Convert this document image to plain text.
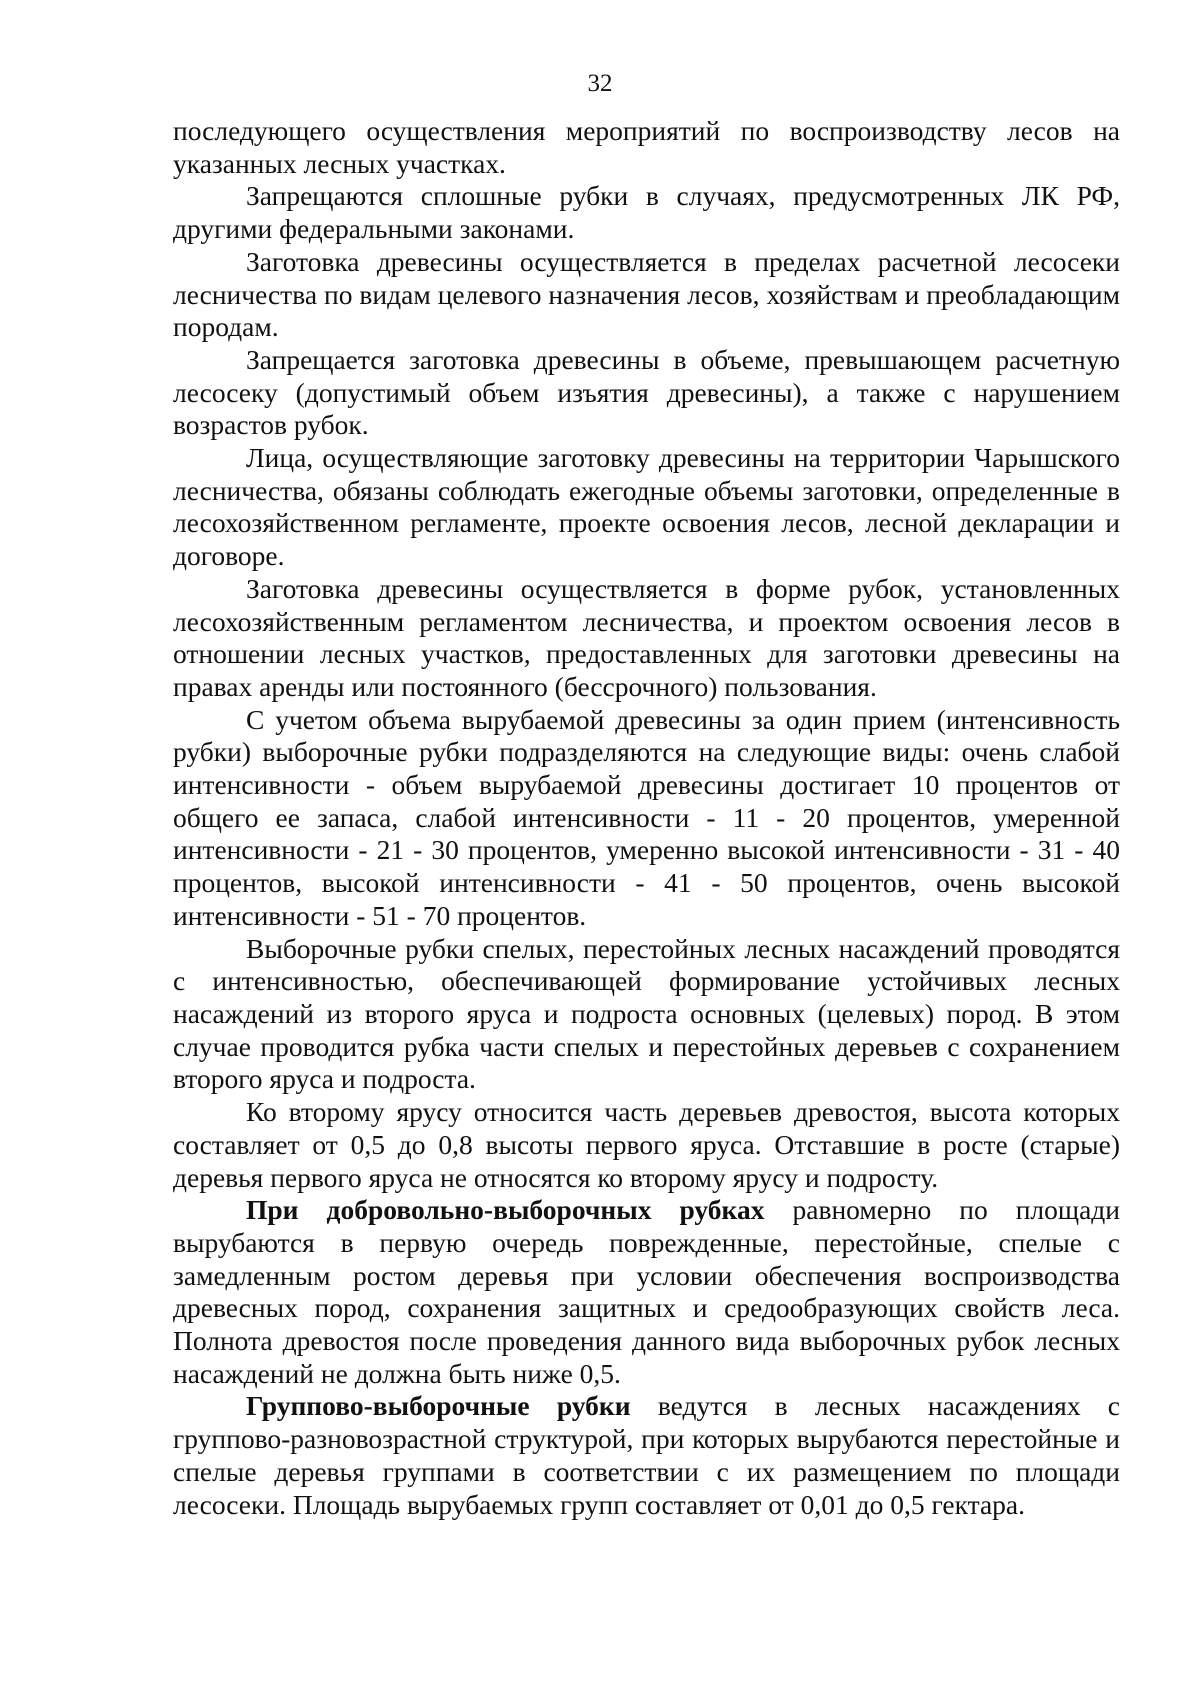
32

последующего осуществления мероприятий по воспроизводству лесов на указанных лесных участках.

Запрещаются сплошные рубки в случаях, предусмотренных ЛК РФ, другими федеральными законами.

Заготовка древесины осуществляется в пределах расчетной лесосеки лесничества по видам целевого назначения лесов, хозяйствам и преобладающим породам.

Запрещается заготовка древесины в объеме, превышающем расчетную лесосеку (допустимый объем изъятия древесины), а также с нарушением возрастов рубок.

Лица, осуществляющие заготовку древесины на территории Чарышского лесничества, обязаны соблюдать ежегодные объемы заготовки, определенные в лесохозяйственном регламенте, проекте освоения лесов, лесной декларации и договоре.

Заготовка древесины осуществляется в форме рубок, установленных лесохозяйственным регламентом лесничества, и проектом освоения лесов в отношении лесных участков, предоставленных для заготовки древесины на правах аренды или постоянного (бессрочного) пользования.

С учетом объема вырубаемой древесины за один прием (интенсивность рубки) выборочные рубки подразделяются на следующие виды: очень слабой интенсивности - объем вырубаемой древесины достигает 10 процентов от общего ее запаса, слабой интенсивности - 11 - 20 процентов, умеренной интенсивности - 21 - 30 процентов, умеренно высокой интенсивности - 31 - 40 процентов, высокой интенсивности - 41 - 50 процентов, очень высокой интенсивности - 51 - 70 процентов.

Выборочные рубки спелых, перестойных лесных насаждений проводятся с интенсивностью, обеспечивающей формирование устойчивых лесных насаждений из второго яруса и подроста основных (целевых) пород. В этом случае проводится рубка части спелых и перестойных деревьев с сохранением второго яруса и подроста.

Ко второму ярусу относится часть деревьев древостоя, высота которых составляет от 0,5 до 0,8 высоты первого яруса. Отставшие в росте (старые) деревья первого яруса не относятся ко второму ярусу и подросту.

При добровольно-выборочных рубках равномерно по площади вырубаются в первую очередь поврежденные, перестойные, спелые с замедленным ростом деревья при условии обеспечения воспроизводства древесных пород, сохранения защитных и средообразующих свойств леса. Полнота древостоя после проведения данного вида выборочных рубок лесных насаждений не должна быть ниже 0,5.

Группово-выборочные рубки ведутся в лесных насаждениях с группово-разновозрастной структурой, при которых вырубаются перестойные и спелые деревья группами в соответствии с их размещением по площади лесосеки. Площадь вырубаемых групп составляет от 0,01 до 0,5 гектара.
